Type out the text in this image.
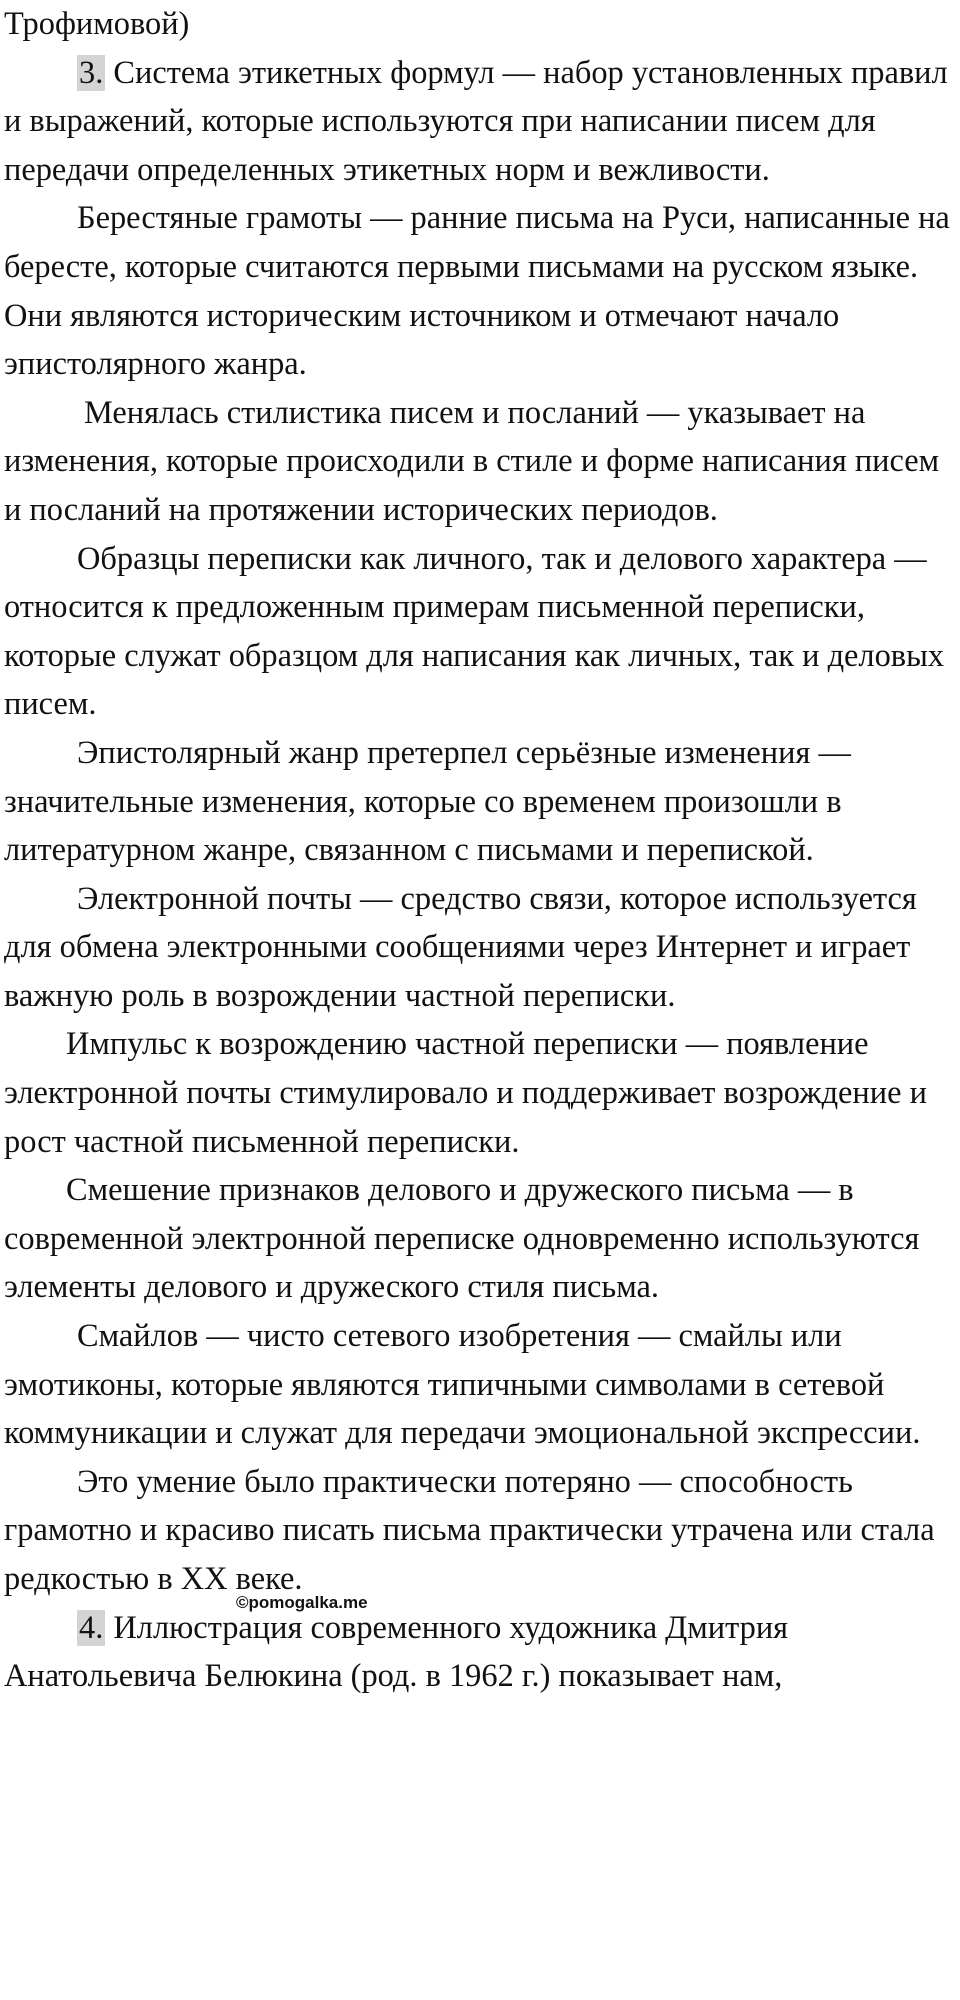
Трофимовой)

3. Система этикетных формул — набор установленных правил и выражений, которые используются при написании писем для передачи определенных этикетных норм и вежливости.

Берестяные грамоты — ранние письма на Руси, написанные на бересте, которые считаются первыми письмами на русском языке. Они являются историческим источником и отмечают начало эпистолярного жанра.

Менялась стилистика писем и посланий — указывает на изменения, которые происходили в стиле и форме написания писем и посланий на протяжении исторических периодов.

Образцы переписки как личного, так и делового характера — относится к предложенным примерам письменной переписки, которые служат образцом для написания как личных, так и деловых писем.

Эпистолярный жанр претерпел серьёзные изменения — значительные изменения, которые со временем произошли в литературном жанре, связанном с письмами и перепиской.

Электронной почты — средство связи, которое используется для обмена электронными сообщениями через Интернет и играет важную роль в возрождении частной переписки.

Импульс к возрождению частной переписки — появление электронной почты стимулировало и поддерживает возрождение и рост частной письменной переписки.

Смешение признаков делового и дружеского письма — в современной электронной переписке одновременно используются элементы делового и дружеского стиля письма.

Смайлов — чисто сетевого изобретения — смайлы или эмотиконы, которые являются типичными символами в сетевой коммуникации и служат для передачи эмоциональной экспрессии.

Это умение было практически потеряно — способность грамотно и красиво писать письма практически утрачена или стала редкостью в XX веке.

4. Иллюстрация современного художника Дмитрия Анатольевича Белюкина (род. в 1962 г.) показывает нам,

©pomogalka.me
